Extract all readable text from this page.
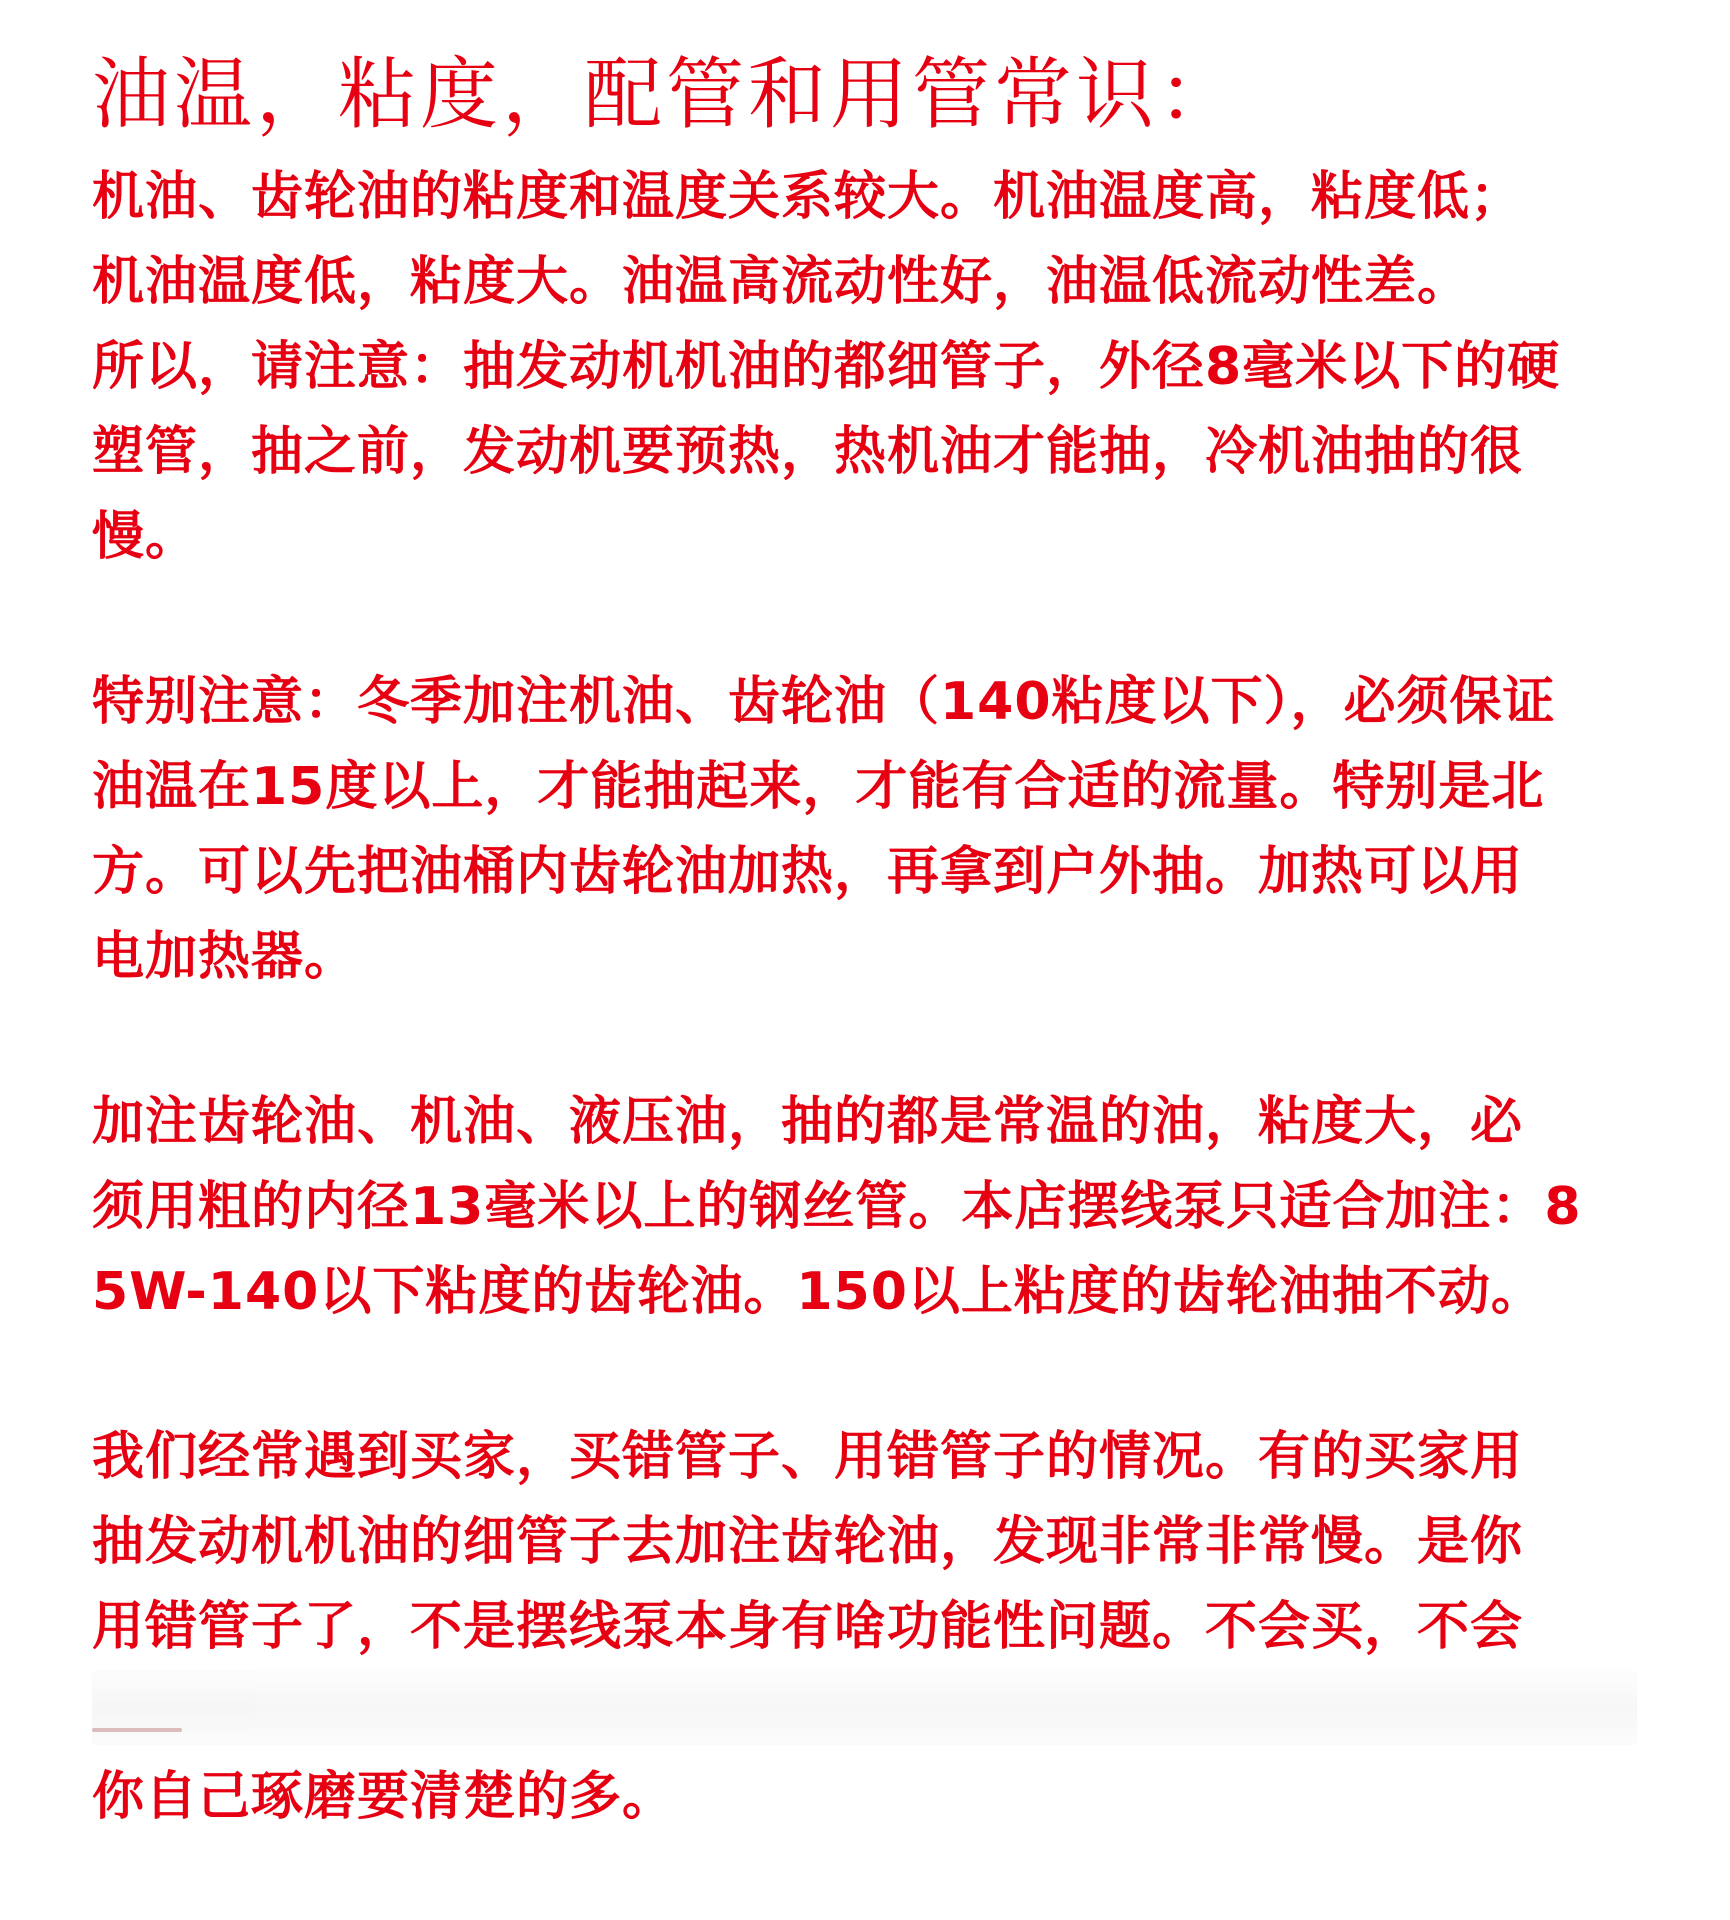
油温，粘度，配管和用管常识：
机油、齿轮油的粘度和温度关系较大。机油温度高，粘度低；
机油温度低，粘度大。油温高流动性好，油温低流动性差。
所以，请注意：抽发动机机油的都细管子，外径8毫米以下的硬
塑管，抽之前，发动机要预热，热机油才能抽，冷机油抽的很
慢。
特别注意：冬季加注机油、齿轮油（140粘度以下），必须保证
油温在15度以上，才能抽起来，才能有合适的流量。特别是北
方。可以先把油桶内齿轮油加热，再拿到户外抽。加热可以用
电加热器。
加注齿轮油、机油、液压油，抽的都是常温的油，粘度大，必
须用粗的内径13毫米以上的钢丝管。本店摆线泵只适合加注：8
5W-140以下粘度的齿轮油。150以上粘度的齿轮油抽不动。
我们经常遇到买家，买错管子、用错管子的情况。有的买家用
抽发动机机油的细管子去加注齿轮油，发现非常非常慢。是你
用错管子了，不是摆线泵本身有啥功能性问题。不会买，不会
你自己琢磨要清楚的多。
